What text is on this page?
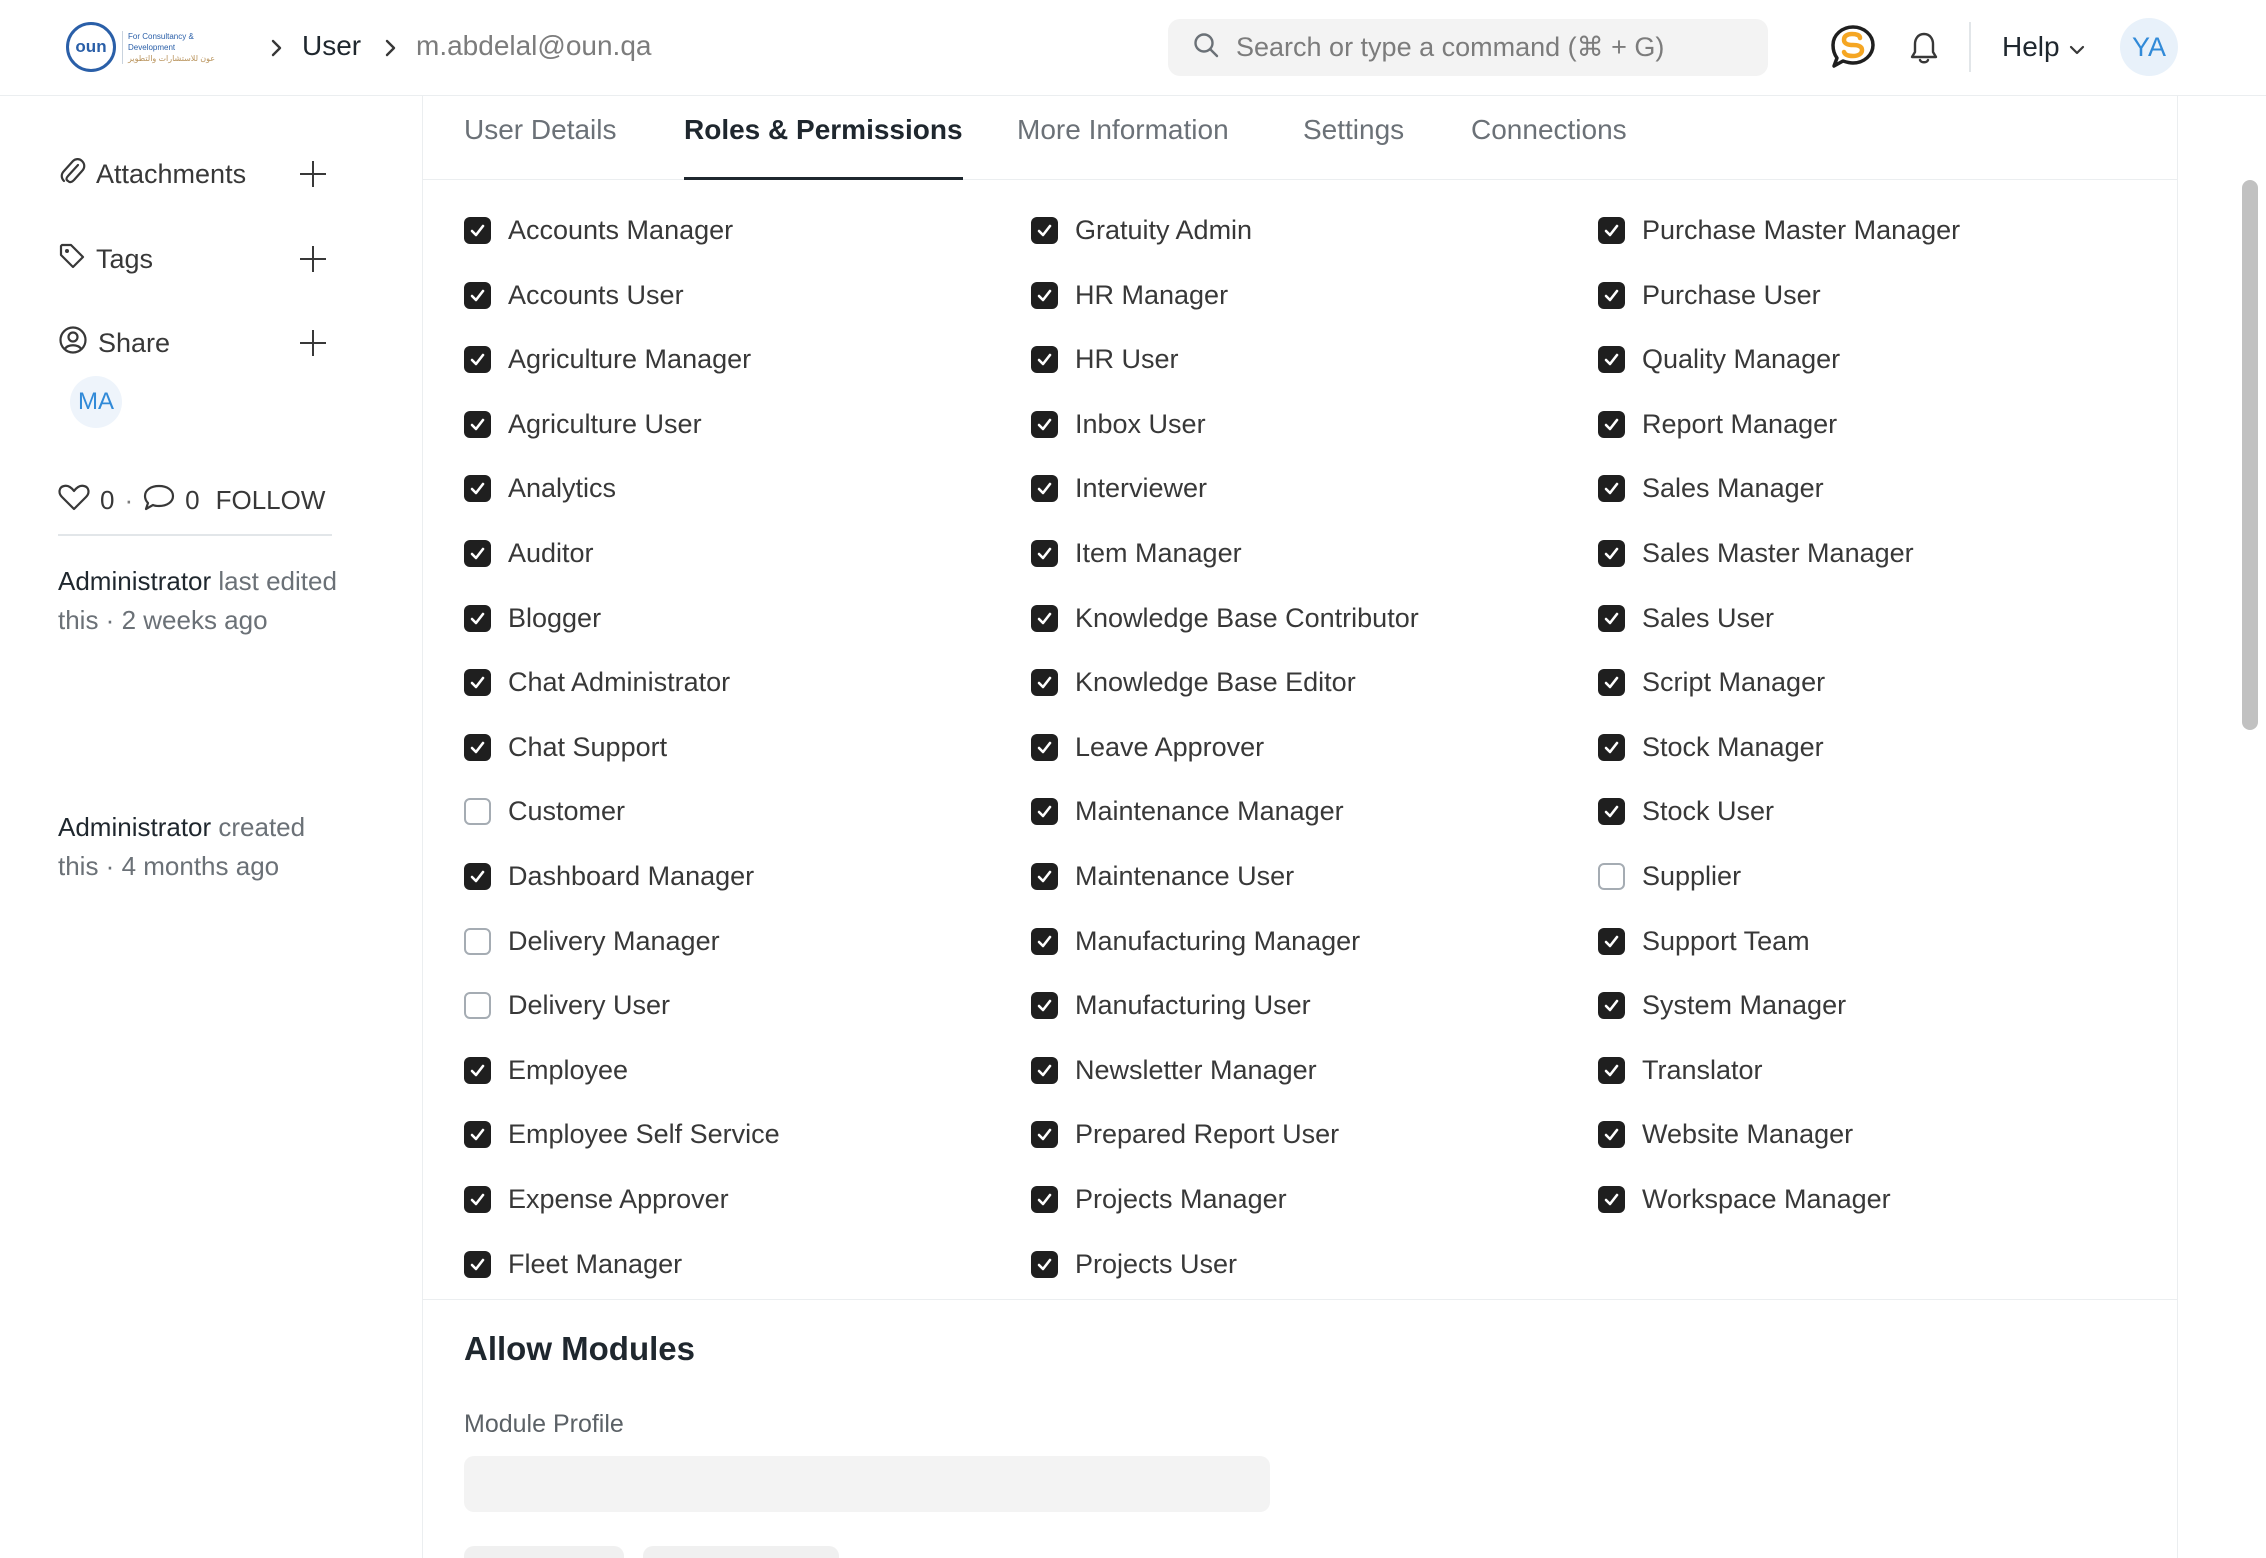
oun
For Consultancy & Development
عون للاستشارات والتطوير	User m.abdelal@oun.qa
Search or type a command (⌘ + G)	Help	YA
Attachments
Tags
Share
MA
0 · 0 FOLLOW
Administrator last edited this · 2 weeks ago
Administrator created this · 4 months ago
User Details Roles & Permissions More Information	Settings Connections
Accounts Manager
Accounts User
Agriculture Manager
Agriculture User
Analytics
Auditor
Blogger
Chat Administrator
Chat Support
Customer
Dashboard Manager
Delivery Manager
Delivery User
Employee
Employee Self Service
Expense Approver
Fleet Manager
Gratuity Admin
HR Manager
HR User
Inbox User
Interviewer
Item Manager
Knowledge Base Contributor
Knowledge Base Editor
Leave Approver
Maintenance Manager
Maintenance User
Manufacturing Manager
Manufacturing User
Newsletter Manager
Prepared Report User
Projects Manager
Projects User
Purchase Master Manager
Purchase User
Quality Manager
Report Manager
Sales Manager
Sales Master Manager
Sales User
Script Manager
Stock Manager
Stock User
Supplier
Support Team
System Manager
Translator
Website Manager
Workspace Manager
Allow Modules
Module Profile
